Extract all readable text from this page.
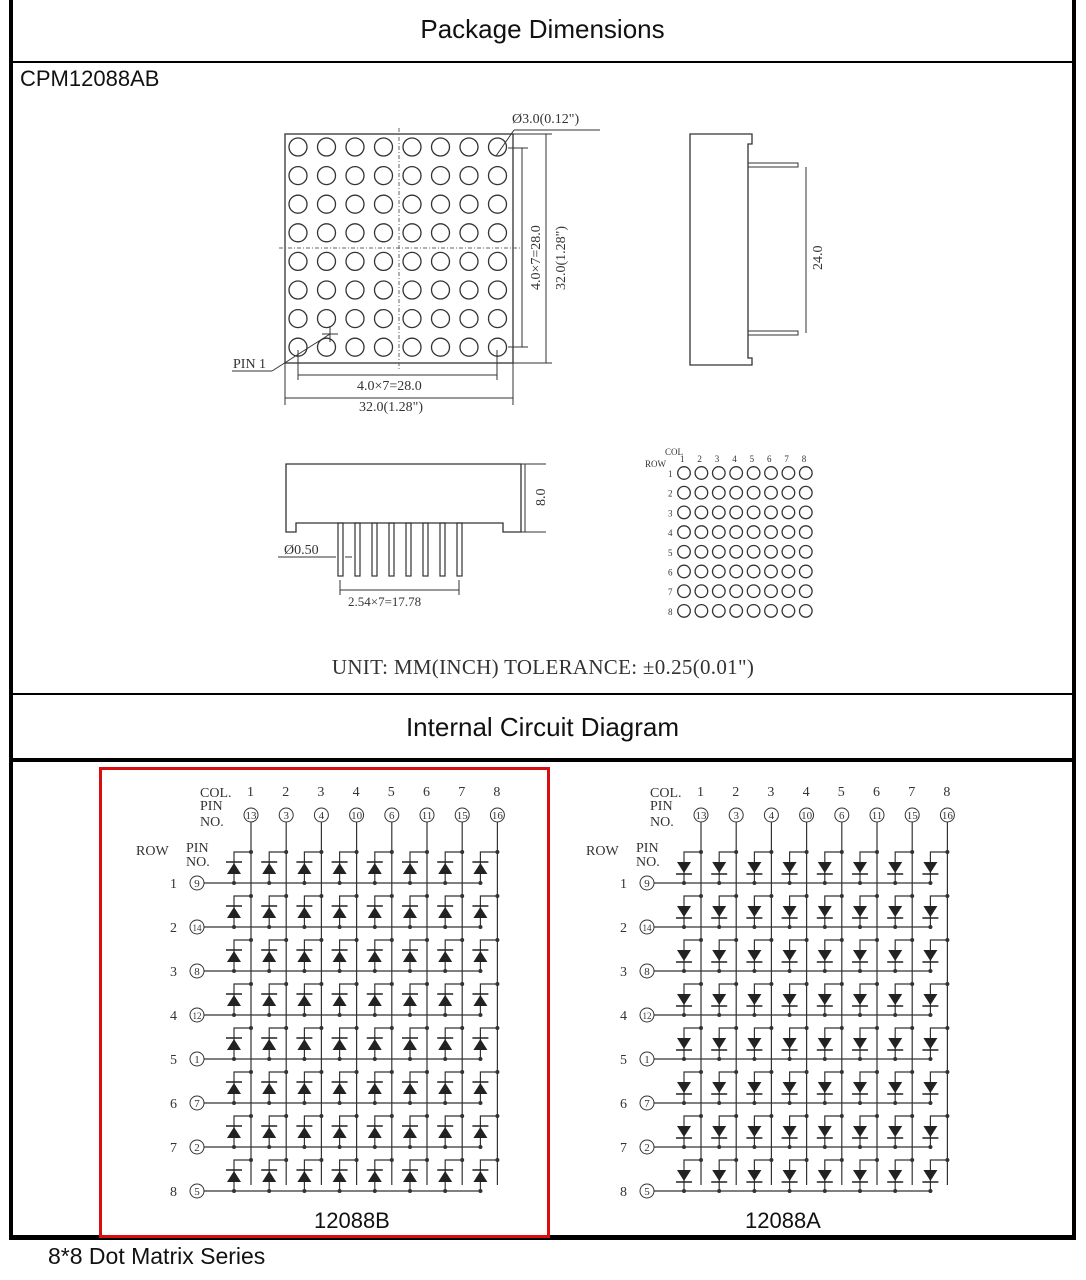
Package Dimensions
CPM12088AB
Ø3.0(0.12")
4.0×7=28.0 32.0(1.28")
4.0×7=28.0
32.0(1.28")
PIN 1
24.0
8.0
Ø0.50
2.54×7=17.78
COL
ROW 1 2 3 4 5 6 7 8
1
2
3
4
5
6
7
8
UNIT: MM(INCH) TOLERANCE: ±0.25(0.01")
Internal Circuit Diagram
COL.
PIN
NO.
ROW PIN
NO.
1
13
2
3
3
4
4
10
5
6
6
11
7
15
8
16
1 9
2 14
3 8
4 12
5 1
6 7
7 2
8 5
COL.
PIN
NO.
ROW PIN
NO.
1
13
2
3
3
4
4
10
5
6
6
11
7
15
8
16
1 9
2 14
3 8
4 12
5 1
6 7
7 2
8 5
12088B	12088A
8*8 Dot Matrix Series
